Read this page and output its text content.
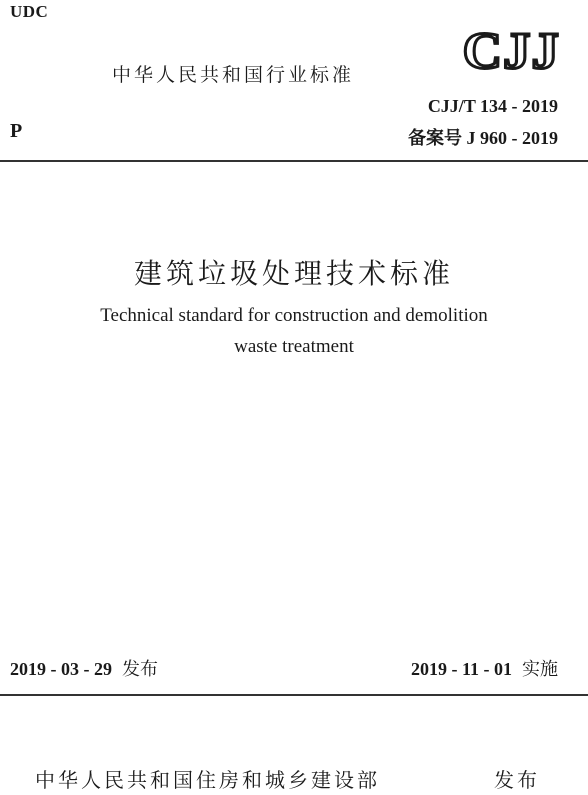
UDC
中华人民共和国行业标准 CJJ
CJJ/T 134 - 2019
P	备案号 J 960 - 2019
建筑垃圾处理技术标准
Technical standard for construction and demolition
waste treatment
2019 - 03 - 29 发布	2019 - 11 - 01 实施
中华人民共和国住房和城乡建设部	发布
